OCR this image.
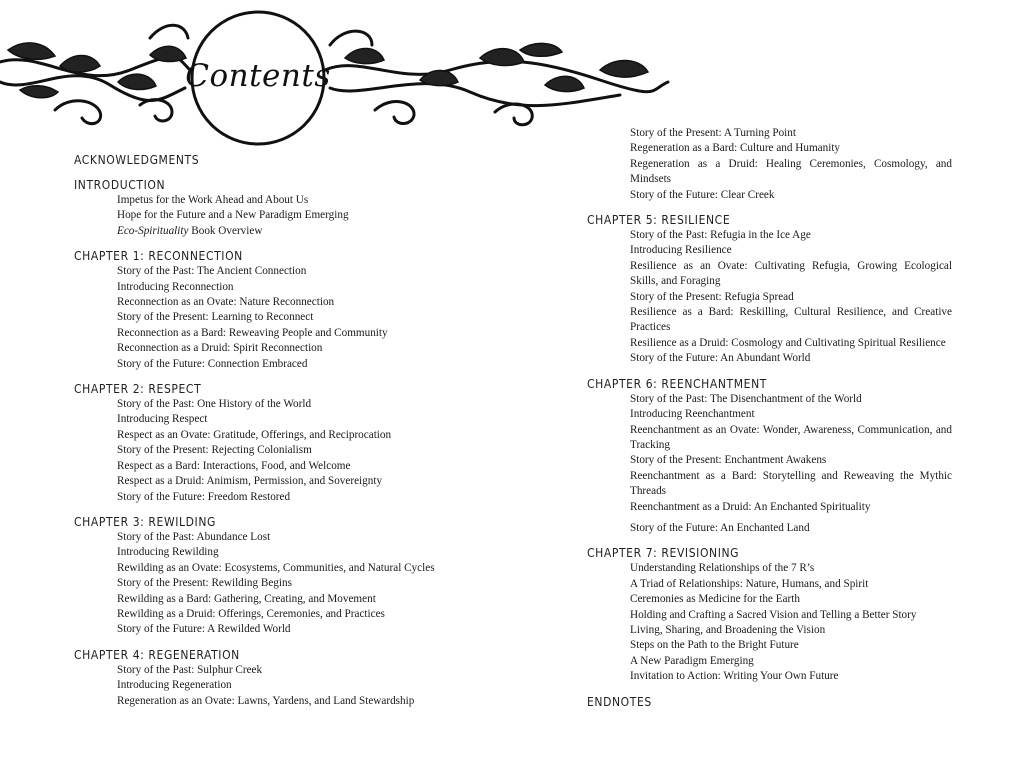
Contents

ACKNOWLEDGMENTS

INTRODUCTION

Impetus for the Work Ahead and About Us

Hope for the Future and a New Paradigm Emerging

Eco-Spirituality Book Overview

CHAPTER 1: RECONNECTION

Story of the Past: The Ancient Connection

Introducing Reconnection

Reconnection as an Ovate: Nature Reconnection

Story of the Present: Learning to Reconnect

Reconnection as a Bard: Reweaving People and Community

Reconnection as a Druid: Spirit Reconnection

Story of the Future: Connection Embraced

CHAPTER 2: RESPECT

Story of the Past: One History of the World

Introducing Respect

Respect as an Ovate: Gratitude, Offerings, and Reciprocation

Story of the Present: Rejecting Colonialism

Respect as a Bard: Interactions, Food, and Welcome

Respect as a Druid: Animism, Permission, and Sovereignty

Story of the Future: Freedom Restored

CHAPTER 3: REWILDING

Story of the Past: Abundance Lost

Introducing Rewilding

Rewilding as an Ovate: Ecosystems, Communities, and Natural Cycles

Story of the Present: Rewilding Begins

Rewilding as a Bard: Gathering, Creating, and Movement

Rewilding as a Druid: Offerings, Ceremonies, and Practices

Story of the Future: A Rewilded World

CHAPTER 4: REGENERATION

Story of the Past: Sulphur Creek

Introducing Regeneration

Regeneration as an Ovate: Lawns, Yardens, and Land Stewardship

Story of the Present: A Turning Point

Regeneration as a Bard: Culture and Humanity

Regeneration as a Druid: Healing Ceremonies, Cosmology, and Mindsets

Story of the Future: Clear Creek

CHAPTER 5: RESILIENCE

Story of the Past: Refugia in the Ice Age

Introducing Resilience

Resilience as an Ovate: Cultivating Refugia, Growing Ecological Skills, and Foraging

Story of the Present: Refugia Spread

Resilience as a Bard: Reskilling, Cultural Resilience, and Creative Practices

Resilience as a Druid: Cosmology and Cultivating Spiritual Resilience

Story of the Future: An Abundant World

CHAPTER 6: REENCHANTMENT

Story of the Past: The Disenchantment of the World

Introducing Reenchantment

Reenchantment as an Ovate: Wonder, Awareness, Communication, and Tracking

Story of the Present: Enchantment Awakens

Reenchantment as a Bard: Storytelling and Reweaving the Mythic Threads

Reenchantment as a Druid: An Enchanted Spirituality

Story of the Future: An Enchanted Land

CHAPTER 7: REVISIONING

Understanding Relationships of the 7 R’s

A Triad of Relationships: Nature, Humans, and Spirit

Ceremonies as Medicine for the Earth

Holding and Crafting a Sacred Vision and Telling a Better Story

Living, Sharing, and Broadening the Vision

Steps on the Path to the Bright Future

A New Paradigm Emerging

Invitation to Action: Writing Your Own Future

ENDNOTES
